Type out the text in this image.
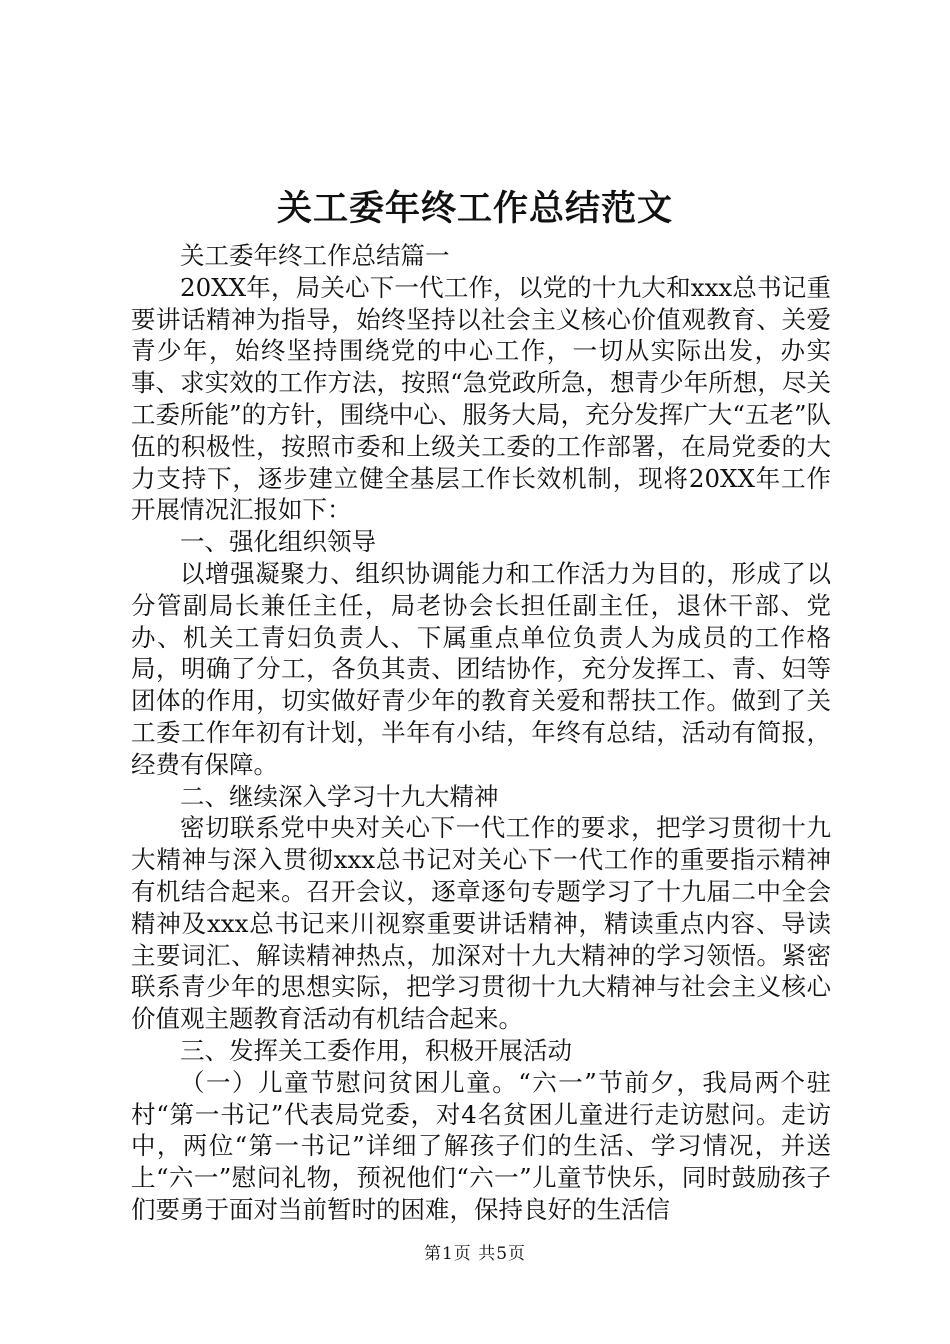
关工委年终工作总结范文

关工委年终工作总结篇一

20XX年，局关心下一代工作，以党的十九大和xxx总书记重要讲话精神为指导，始终坚持以社会主义核心价值观教育、关爱青少年，始终坚持围绕党的中心工作，一切从实际出发，办实事、求实效的工作方法，按照“急党政所急，想青少年所想，尽关工委所能”的方针，围绕中心、服务大局，充分发挥广大“五老”队伍的积极性，按照市委和上级关工委的工作部署，在局党委的大力支持下，逐步建立健全基层工作长效机制，现将20XX年工作开展情况汇报如下：

一、强化组织领导

以增强凝聚力、组织协调能力和工作活力为目的，形成了以分管副局长兼任主任，局老协会长担任副主任，退休干部、党办、机关工青妇负责人、下属重点单位负责人为成员的工作格局，明确了分工，各负其责、团结协作，充分发挥工、青、妇等团体的作用，切实做好青少年的教育关爱和帮扶工作。做到了关工委工作年初有计划，半年有小结，年终有总结，活动有简报，经费有保障。

二、继续深入学习十九大精神

密切联系党中央对关心下一代工作的要求，把学习贯彻十九大精神与深入贯彻xxx总书记对关心下一代工作的重要指示精神有机结合起来。召开会议，逐章逐句专题学习了十九届二中全会精神及xxx总书记来川视察重要讲话精神，精读重点内容、导读主要词汇、解读精神热点，加深对十九大精神的学习领悟。紧密联系青少年的思想实际，把学习贯彻十九大精神与社会主义核心价值观主题教育活动有机结合起来。

三、发挥关工委作用，积极开展活动

（一）儿童节慰问贫困儿童。“六一”节前夕，我局两个驻村“第一书记”代表局党委，对4名贫困儿童进行走访慰问。走访中，两位“第一书记”详细了解孩子们的生活、学习情况，并送上“六一”慰问礼物，预祝他们“六一”儿童节快乐，同时鼓励孩子们要勇于面对当前暂时的困难，保持良好的生活信

第1页 共5页
